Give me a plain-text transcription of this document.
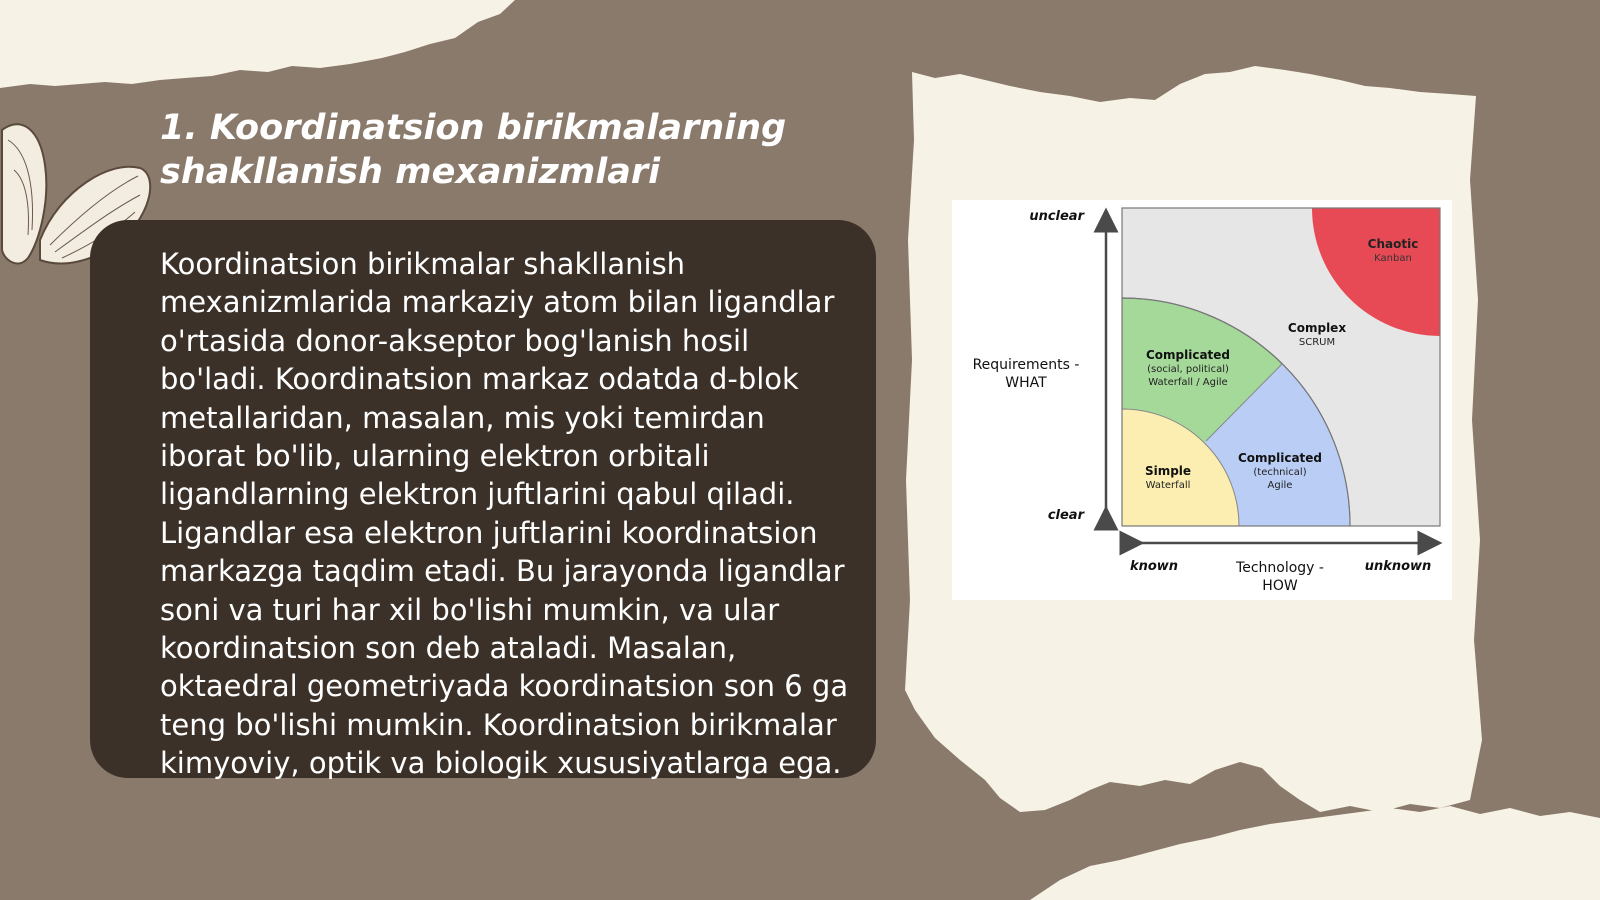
1. Koordinatsion birikmalarning shakllanish mexanizmlari

Koordinatsion birikmalar shakllanish mexanizmlarida markaziy atom bilan ligandlar o'rtasida donor-akseptor bog'lanish hosil bo'ladi. Koordinatsion markaz odatda d-blok metallaridan, masalan, mis yoki temirdan iborat bo'lib, ularning elektron orbitali ligandlarning elektron juftlarini qabul qiladi. Ligandlar esa elektron juftlarini koordinatsion markazga taqdim etadi. Bu jarayonda ligandlar soni va turi har xil bo'lishi mumkin, va ular koordinatsion son deb ataladi. Masalan, oktaedral geometriyada koordinatsion son 6 ga teng bo'lishi mumkin. Koordinatsion birikmalar kimyoviy, optik va biologik xususiyatlarga ega.

unclear
clear
Requirements -
WHAT
known	unknown
Technology -
HOW
Chaotic
Kanban
Complex
SCRUM
Complicated
(social, political)
Waterfall / Agile
Complicated
(technical)
Agile
Simple
Waterfall
